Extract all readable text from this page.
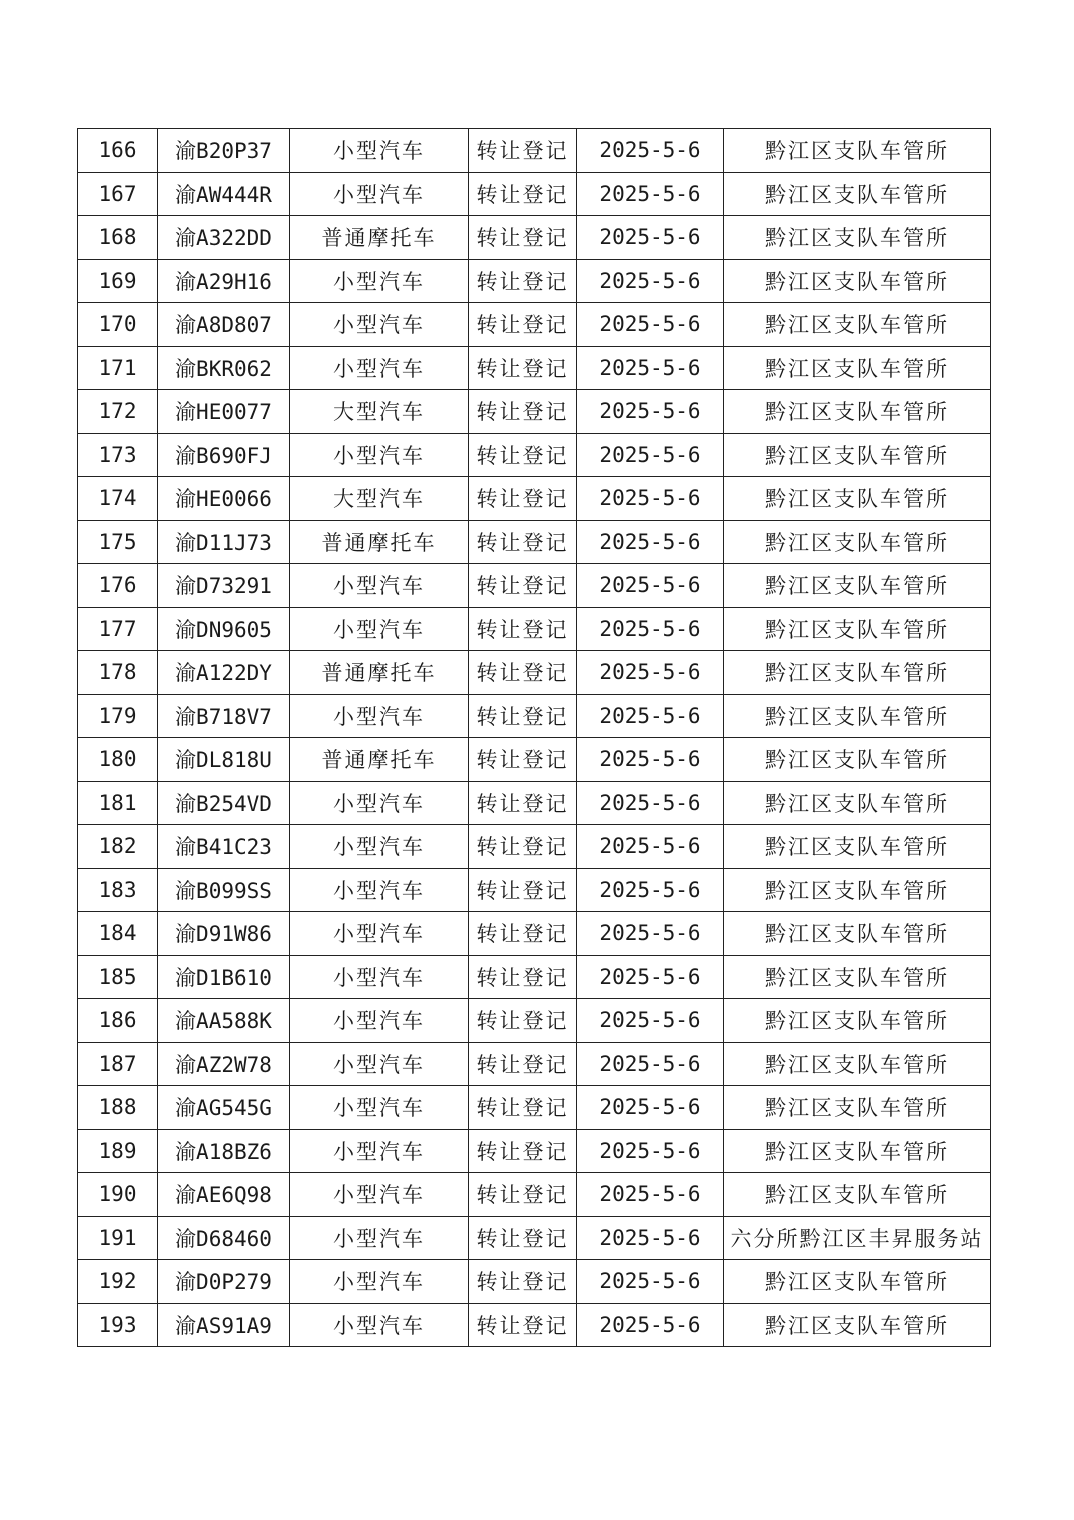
166	渝B20P37	小型汽车	转让登记	2025-5-6	黔江区支队车管所
167	渝AW444R	小型汽车	转让登记	2025-5-6	黔江区支队车管所
168	渝A322DD	普通摩托车	转让登记	2025-5-6	黔江区支队车管所
169	渝A29H16	小型汽车	转让登记	2025-5-6	黔江区支队车管所
170	渝A8D807	小型汽车	转让登记	2025-5-6	黔江区支队车管所
171	渝BKR062	小型汽车	转让登记	2025-5-6	黔江区支队车管所
172	渝HE0077	大型汽车	转让登记	2025-5-6	黔江区支队车管所
173	渝B690FJ	小型汽车	转让登记	2025-5-6	黔江区支队车管所
174	渝HE0066	大型汽车	转让登记	2025-5-6	黔江区支队车管所
175	渝D11J73	普通摩托车	转让登记	2025-5-6	黔江区支队车管所
176	渝D73291	小型汽车	转让登记	2025-5-6	黔江区支队车管所
177	渝DN9605	小型汽车	转让登记	2025-5-6	黔江区支队车管所
178	渝A122DY	普通摩托车	转让登记	2025-5-6	黔江区支队车管所
179	渝B718V7	小型汽车	转让登记	2025-5-6	黔江区支队车管所
180	渝DL818U	普通摩托车	转让登记	2025-5-6	黔江区支队车管所
181	渝B254VD	小型汽车	转让登记	2025-5-6	黔江区支队车管所
182	渝B41C23	小型汽车	转让登记	2025-5-6	黔江区支队车管所
183	渝B099SS	小型汽车	转让登记	2025-5-6	黔江区支队车管所
184	渝D91W86	小型汽车	转让登记	2025-5-6	黔江区支队车管所
185	渝D1B610	小型汽车	转让登记	2025-5-6	黔江区支队车管所
186	渝AA588K	小型汽车	转让登记	2025-5-6	黔江区支队车管所
187	渝AZ2W78	小型汽车	转让登记	2025-5-6	黔江区支队车管所
188	渝AG545G	小型汽车	转让登记	2025-5-6	黔江区支队车管所
189	渝A18BZ6	小型汽车	转让登记	2025-5-6	黔江区支队车管所
190	渝AE6Q98	小型汽车	转让登记	2025-5-6	黔江区支队车管所
191	渝D68460	小型汽车	转让登记	2025-5-6	六分所黔江区丰昇服务站
192	渝D0P279	小型汽车	转让登记	2025-5-6	黔江区支队车管所
193	渝AS91A9	小型汽车	转让登记	2025-5-6	黔江区支队车管所
